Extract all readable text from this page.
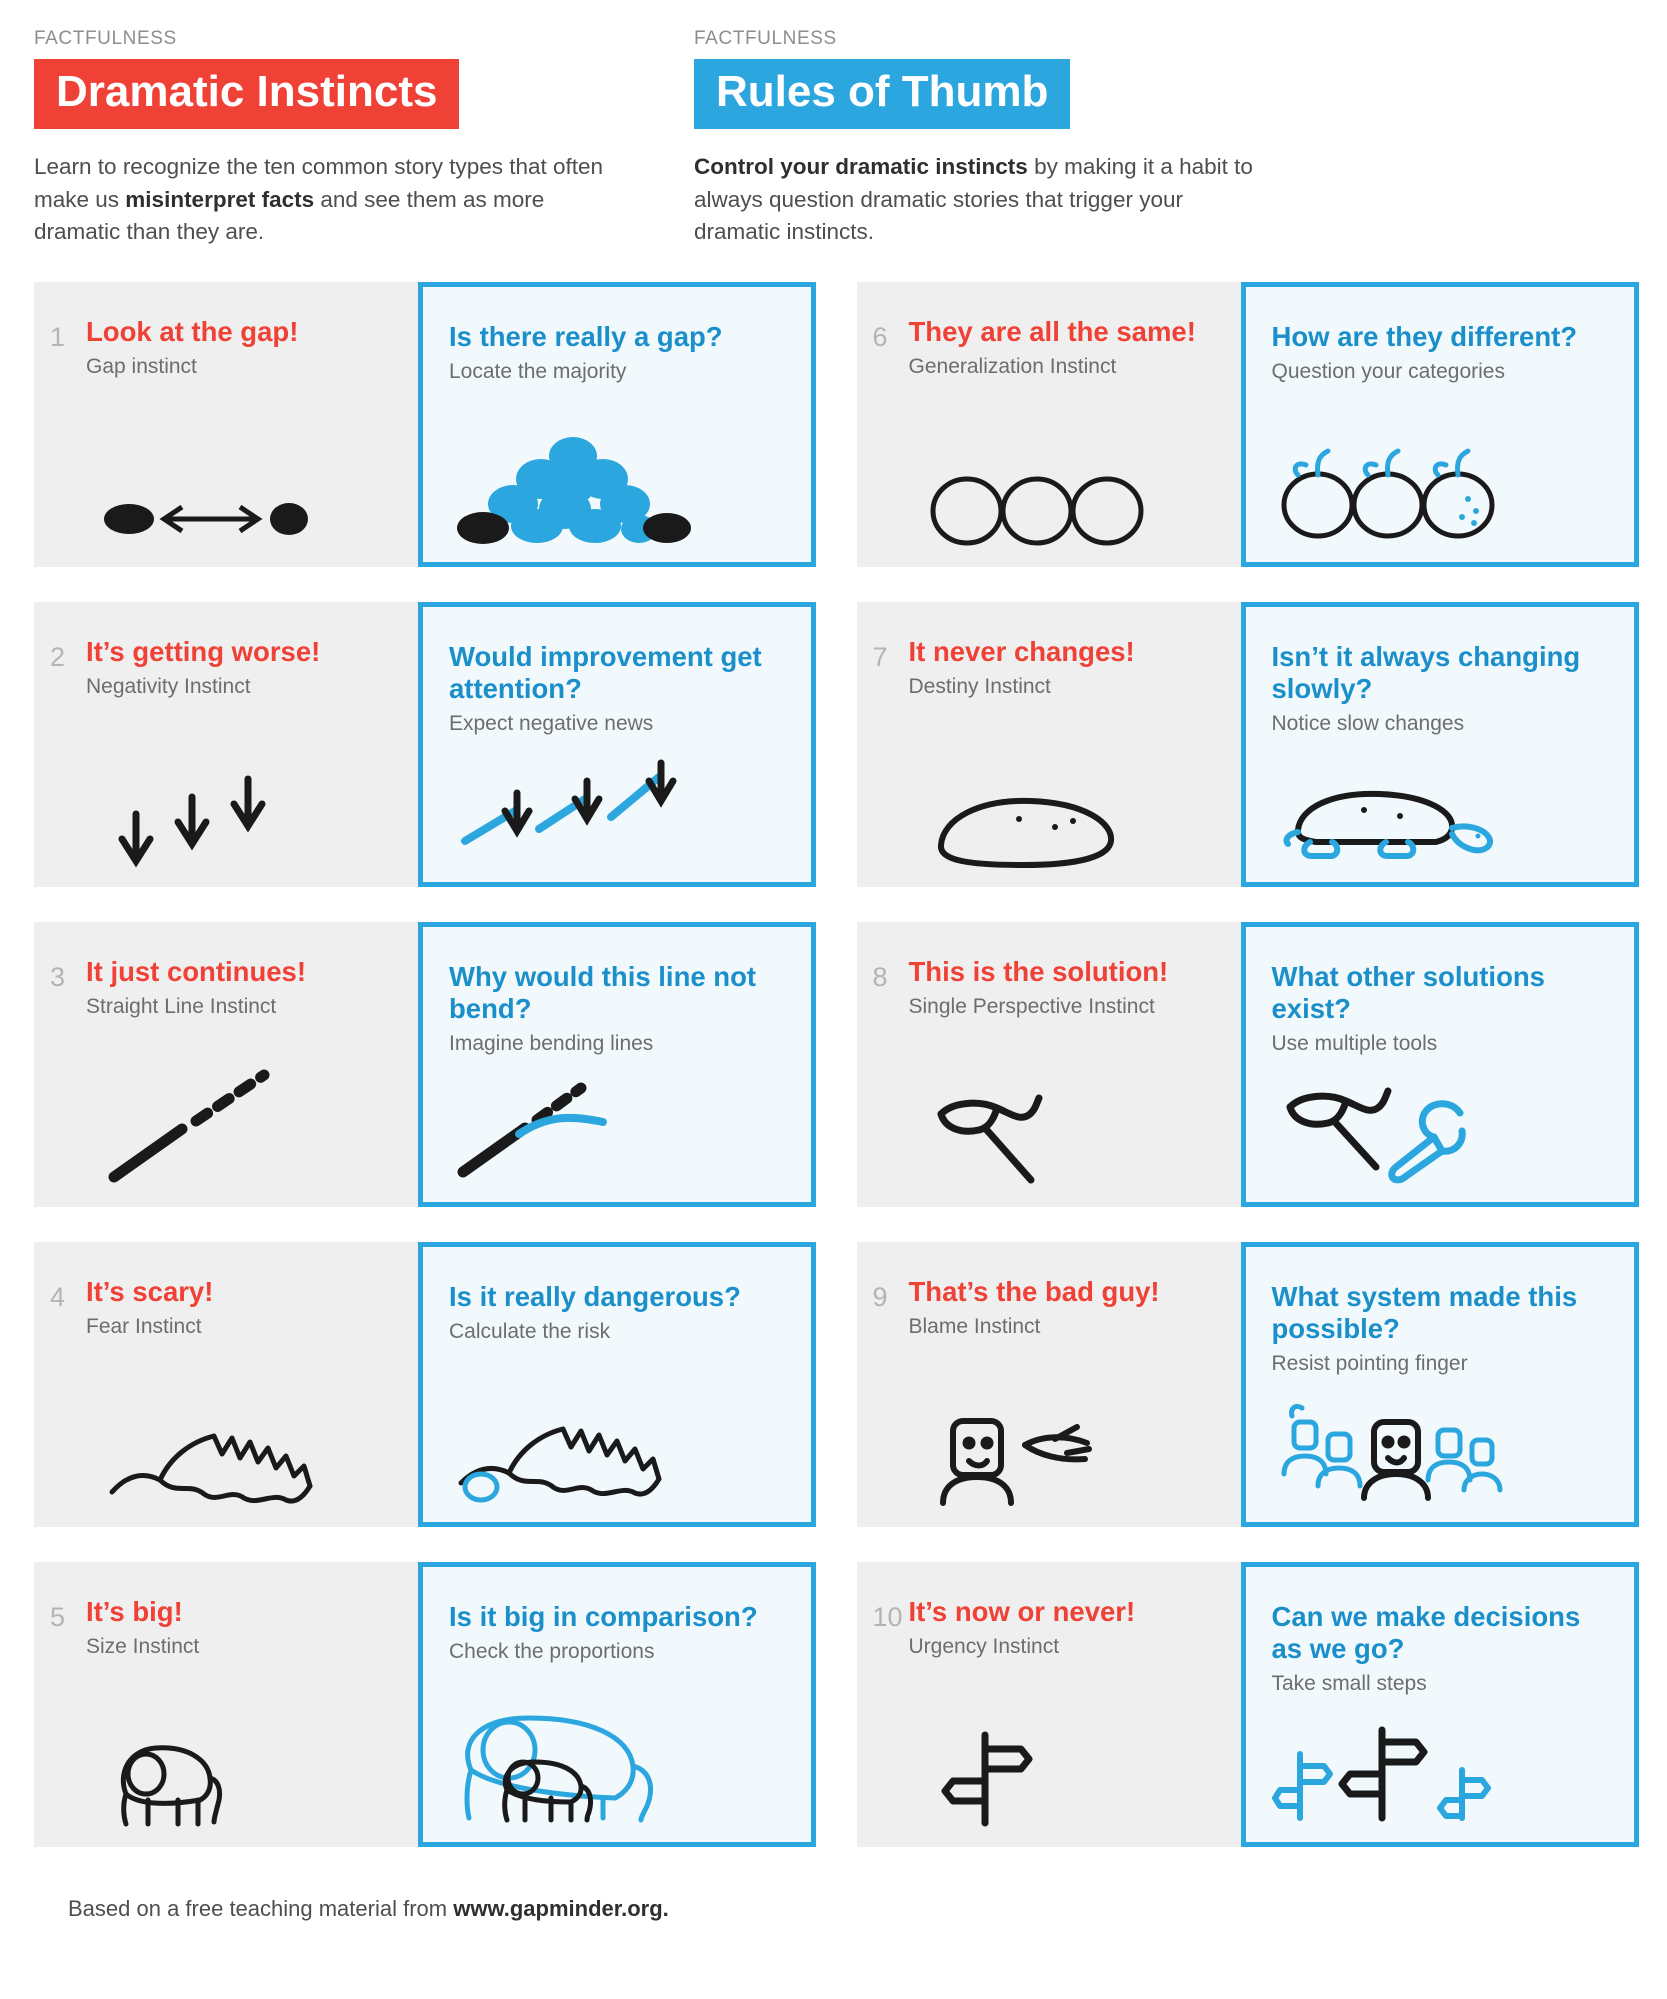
FACTFULNESS
Dramatic Instincts
Learn to recognize the ten common story types that often make us misinterpret facts and see them as more dramatic than they are.
FACTFULNESS
Rules of Thumb
Control your dramatic instincts by making it a habit to always question dramatic stories that trigger your dramatic instincts.
1 Look at the gap!
Gap instinct
Is there really a gap?
Locate the majority
2 It’s getting worse!
Negativity Instinct
Would improvement get attention?
Expect negative news
3 It just continues!
Straight Line Instinct
Why would this line not bend?
Imagine bending lines
4 It’s scary!
Fear Instinct
Is it really dangerous?
Calculate the risk
5 It’s big!
Size Instinct
Is it big in comparison?
Check the proportions
6 They are all the same!
Generalization Instinct
How are they different?
Question your categories
7 It never changes!
Destiny Instinct
Isn’t it always changing slowly?
Notice slow changes
8 This is the solution!
Single Perspective Instinct
What other solutions exist?
Use multiple tools
9 That’s the bad guy!
Blame Instinct
What system made this possible?
Resist pointing finger
10 It’s now or never!
Urgency Instinct
Can we make decisions as we go?
Take small steps
Based on a free teaching material from www.gapminder.org.
